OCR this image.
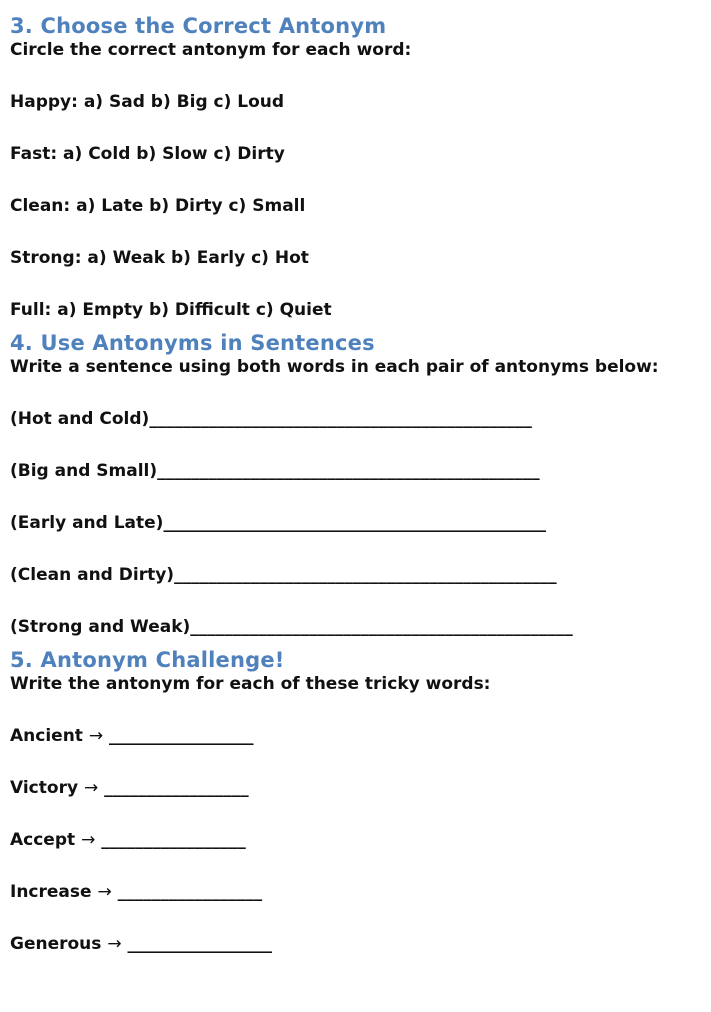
3. Choose the Correct Antonym

Circle the correct antonym for each word:

Happy: a) Sad b) Big c) Loud

Fast: a) Cold b) Slow c) Dirty

Clean: a) Late b) Dirty c) Small

Strong: a) Weak b) Early c) Hot

Full: a) Empty b) Difficult c) Quiet

4. Use Antonyms in Sentences

Write a sentence using both words in each pair of antonyms below:

(Hot and Cold)_____________________________________________

(Big and Small)_____________________________________________

(Early and Late)_____________________________________________

(Clean and Dirty)_____________________________________________

(Strong and Weak)_____________________________________________

5. Antonym Challenge!

Write the antonym for each of these tricky words:

Ancient → _________________

Victory → _________________

Accept → _________________

Increase → _________________

Generous → _________________
